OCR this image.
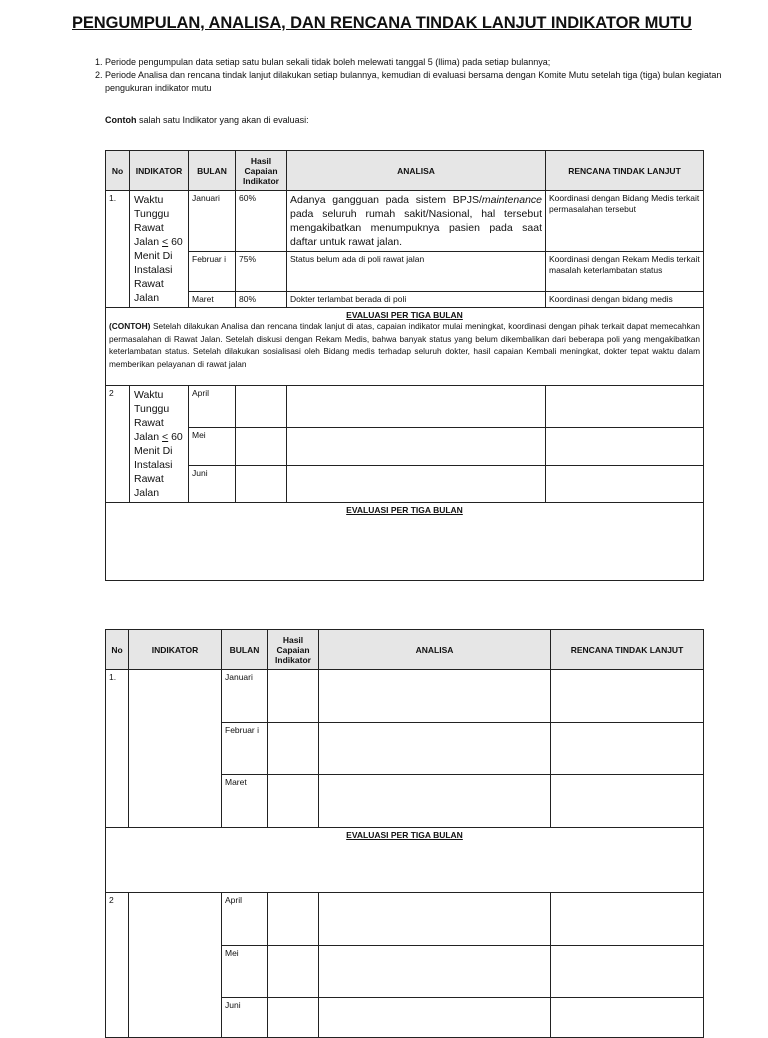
PENGUMPULAN, ANALISA, DAN RENCANA TINDAK LANJUT INDIKATOR MUTU
1. Periode pengumpulan data setiap satu bulan sekali tidak boleh melewati tanggal 5 (llima) pada setiap bulannya;
2. Periode Analisa dan rencana tindak lanjut dilakukan setiap bulannya, kemudian di evaluasi bersama dengan Komite Mutu setelah tiga (tiga) bulan kegiatan pengukuran indikator mutu
Contoh salah satu Indikator yang akan di evaluasi:
No	INDIKATOR	BULAN	Hasil Capaian Indikator	ANALISA	RENCANA TINDAK LANJUT
1.	Waktu Tunggu Rawat Jalan < 60 Menit Di Instalasi Rawat Jalan	Januari	60%	Adanya gangguan pada sistem BPJS/maintenance pada seluruh rumah sakit/Nasional, hal tersebut mengakibatkan menumpuknya pasien pada saat daftar untuk rawat jalan.	Koordinasi dengan Bidang Medis terkait permasalahan tersebut
		Februar i	75%	Status belum ada di poli rawat jalan	Koordinasi dengan Rekam Medis terkait masalah keterlambatan status
		Maret	80%	Dokter terlambat berada di poli	Koordinasi dengan bidang medis

EVALUASI PER TIGA BULAN
(CONTOH) Setelah dilakukan Analisa dan rencana tindak lanjut di atas, capaian indikator mulai meningkat, koordinasi dengan pihak terkait dapat memecahkan permasalahan di Rawat Jalan. Setelah diskusi dengan Rekam Medis, bahwa banyak status yang belum dikembalikan dari beberapa poli yang mengakibatkan keterlambatan status. Setelah dilakukan sosialisasi oleh Bidang medis terhadap seluruh dokter, hasil capaian Kembali meningkat, dokter tepat waktu dalam memberikan pelayanan di rawat jalan					

2	Waktu Tunggu Rawat Jalan < 60 Menit Di Instalasi Rawat Jalan	April			
		Mei			
		Juni			

EVALUASI PER TIGA BULAN					
No	INDIKATOR	BULAN	Hasil Capaian Indikator	ANALISA	RENCANA TINDAK LANJUT
1.		Januari			
		Februar i			
		Maret			

EVALUASI PER TIGA BULAN					

2		April			
		Mei			
		Juni			
